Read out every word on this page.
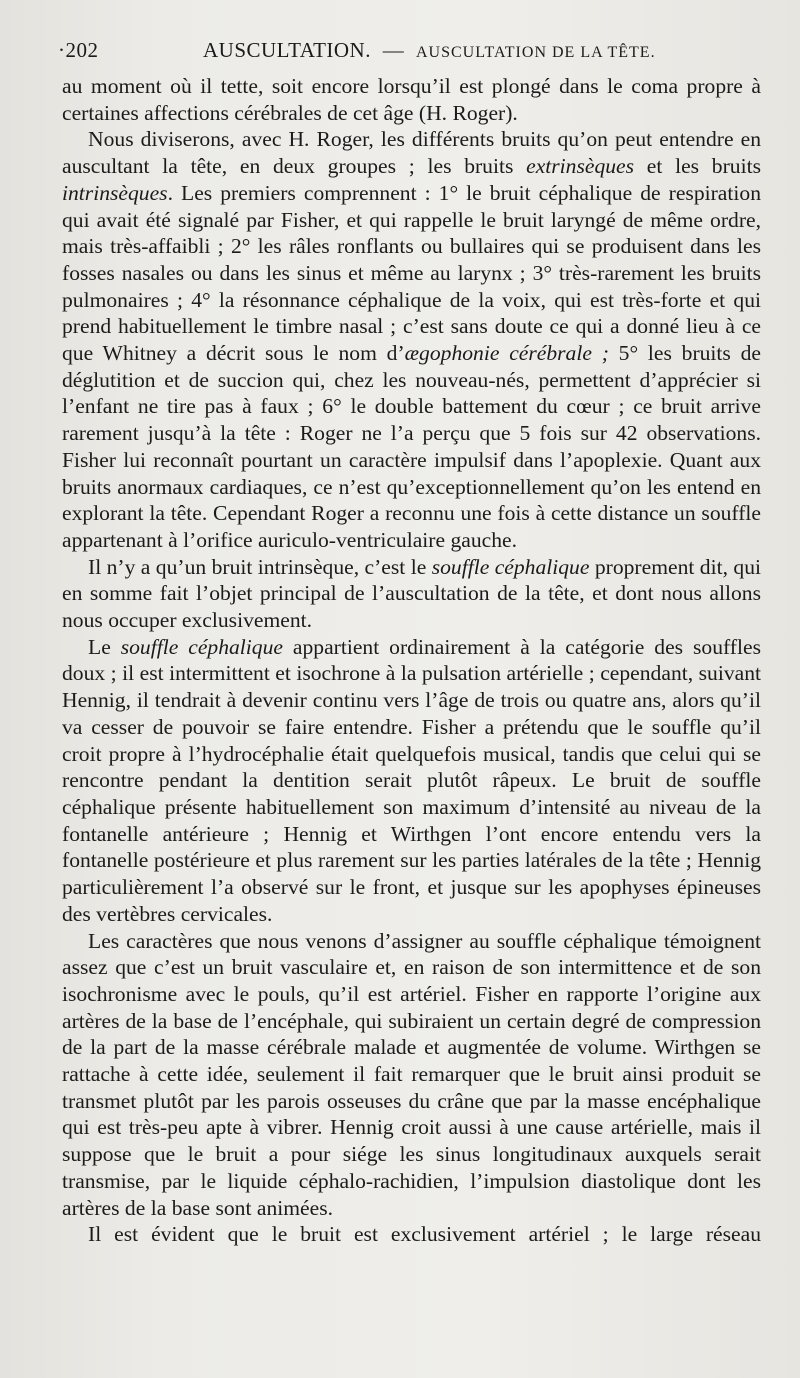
·202	AUSCULTATION. — AUSCULTATION DE LA TÊTE.

au moment où il tette, soit encore lorsqu’il est plongé dans le coma propre à certaines affections cérébrales de cet âge (H. Roger).

Nous diviserons, avec H. Roger, les différents bruits qu’on peut entendre en auscultant la tête, en deux groupes ; les bruits extrinsèques et les bruits intrinsèques. Les premiers comprennent : 1° le bruit céphalique de respiration qui avait été signalé par Fisher, et qui rappelle le bruit laryngé de même ordre, mais très-affaibli ; 2° les râles ronflants ou bullaires qui se produisent dans les fosses nasales ou dans les sinus et même au larynx ; 3° très-rarement les bruits pulmonaires ; 4° la résonnance céphalique de la voix, qui est très-forte et qui prend habituellement le timbre nasal ; c’est sans doute ce qui a donné lieu à ce que Whitney a décrit sous le nom d’ægophonie cérébrale ; 5° les bruits de déglutition et de succion qui, chez les nouveau-nés, permettent d’apprécier si l’enfant ne tire pas à faux ; 6° le double battement du cœur ; ce bruit arrive rarement jusqu’à la tête : Roger ne l’a perçu que 5 fois sur 42 observations. Fisher lui reconnaît pourtant un caractère impulsif dans l’apoplexie. Quant aux bruits anormaux cardiaques, ce n’est qu’exceptionnellement qu’on les entend en explorant la tête. Cependant Roger a reconnu une fois à cette distance un souffle appartenant à l’orifice auriculo-ventriculaire gauche.

Il n’y a qu’un bruit intrinsèque, c’est le souffle céphalique proprement dit, qui en somme fait l’objet principal de l’auscultation de la tête, et dont nous allons nous occuper exclusivement.

Le souffle céphalique appartient ordinairement à la catégorie des souffles doux ; il est intermittent et isochrone à la pulsation artérielle ; cependant, suivant Hennig, il tendrait à devenir continu vers l’âge de trois ou quatre ans, alors qu’il va cesser de pouvoir se faire entendre. Fisher a prétendu que le souffle qu’il croit propre à l’hydrocéphalie était quelquefois musical, tandis que celui qui se rencontre pendant la dentition serait plutôt râpeux. Le bruit de souffle céphalique présente habituellement son maximum d’intensité au niveau de la fontanelle antérieure ; Hennig et Wirthgen l’ont encore entendu vers la fontanelle postérieure et plus rarement sur les parties latérales de la tête ; Hennig particulièrement l’a observé sur le front, et jusque sur les apophyses épineuses des vertèbres cervicales.

Les caractères que nous venons d’assigner au souffle céphalique témoignent assez que c’est un bruit vasculaire et, en raison de son intermittence et de son isochronisme avec le pouls, qu’il est artériel. Fisher en rapporte l’origine aux artères de la base de l’encéphale, qui subiraient un certain degré de compression de la part de la masse cérébrale malade et augmentée de volume. Wirthgen se rattache à cette idée, seulement il fait remarquer que le bruit ainsi produit se transmet plutôt par les parois osseuses du crâne que par la masse encéphalique qui est très-peu apte à vibrer. Hennig croit aussi à une cause artérielle, mais il suppose que le bruit a pour siége les sinus longitudinaux auxquels serait transmise, par le liquide céphalo-rachidien, l’impulsion diastolique dont les artères de la base sont animées.

Il est évident que le bruit est exclusivement artériel ; le large réseau
